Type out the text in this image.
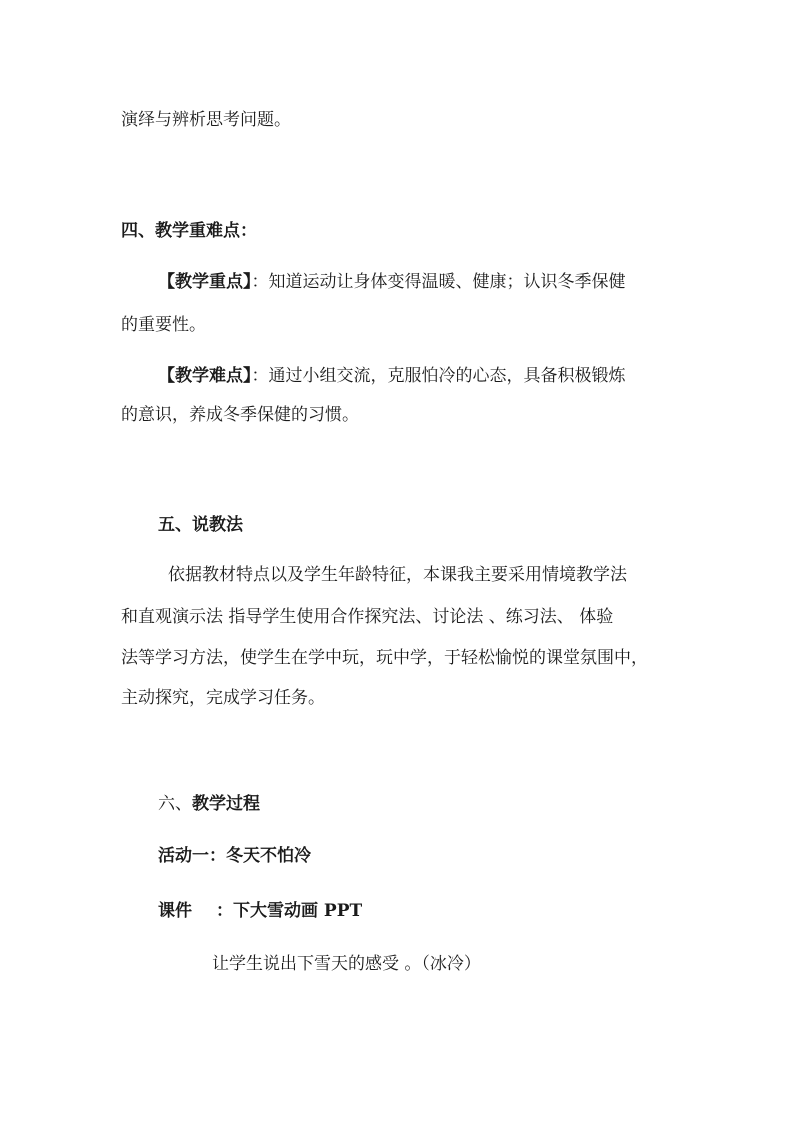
演绎与辨析思考问题。
四、教学重难点：
【教学重点】：知道运动让身体变得温暖、健康；认识冬季保健
的重要性。
【教学难点】：通过小组交流，克服怕冷的心态，具备积极锻炼
的意识，养成冬季保健的习惯。
五、说教法
依据教材特点以及学生年龄特征，本课我主要采用情境教学法
和直观演示法 指导学生使用合作探究法、讨论法 、练习法、 体验
法等学习方法，使学生在学中玩，玩中学，于轻松愉悦的课堂氛围中，
主动探究，完成学习任务。
六、教学过程
活动一：冬天不怕冷
课件 ：下大雪动画 PPT
让学生说出下雪天的感受 。（冰冷）
